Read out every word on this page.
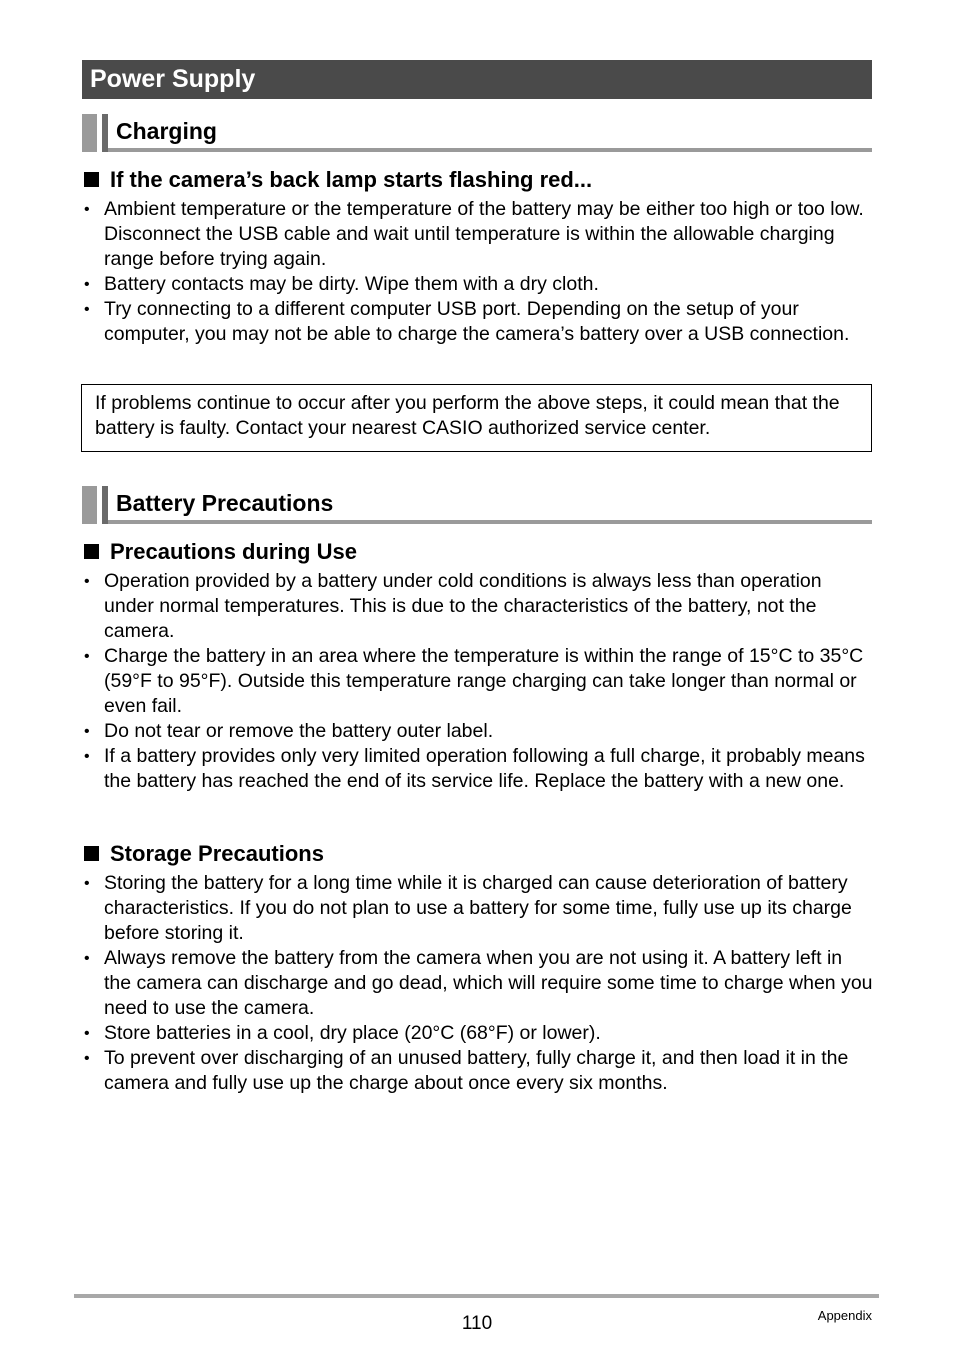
Power Supply
Charging
If the camera’s back lamp starts flashing red...
• Ambient temperature or the temperature of the battery may be either too high or too low. Disconnect the USB cable and wait until temperature is within the allowable charging range before trying again.
• Battery contacts may be dirty. Wipe them with a dry cloth.
• Try connecting to a different computer USB port. Depending on the setup of your computer, you may not be able to charge the camera’s battery over a USB connection.
If problems continue to occur after you perform the above steps, it could mean that the battery is faulty. Contact your nearest CASIO authorized service center.
Battery Precautions
Precautions during Use
• Operation provided by a battery under cold conditions is always less than operation under normal temperatures. This is due to the characteristics of the battery, not the camera.
• Charge the battery in an area where the temperature is within the range of 15°C to 35°C (59°F to 95°F). Outside this temperature range charging can take longer than normal or even fail.
• Do not tear or remove the battery outer label.
• If a battery provides only very limited operation following a full charge, it probably means the battery has reached the end of its service life. Replace the battery with a new one.
Storage Precautions
• Storing the battery for a long time while it is charged can cause deterioration of battery characteristics. If you do not plan to use a battery for some time, fully use up its charge before storing it.
• Always remove the battery from the camera when you are not using it. A battery left in the camera can discharge and go dead, which will require some time to charge when you need to use the camera.
• Store batteries in a cool, dry place (20°C (68°F) or lower).
• To prevent over discharging of an unused battery, fully charge it, and then load it in the camera and fully use up the charge about once every six months.
110	Appendix
